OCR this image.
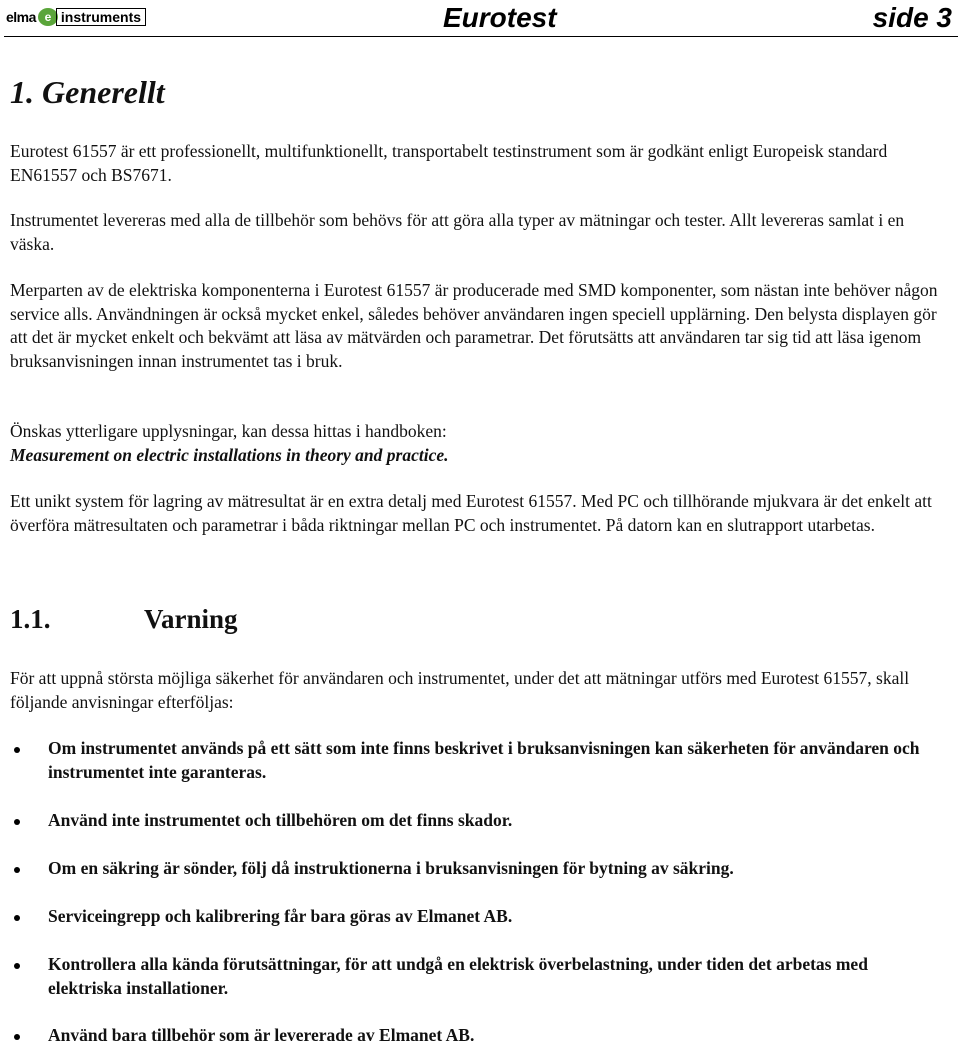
elma e instruments	Eurotest	side 3
1. Generellt

Eurotest 61557 är ett professionellt, multifunktionellt, transportabelt testinstrument som är godkänt enligt Europeisk standard EN61557 och BS7671.

Instrumentet levereras med alla de tillbehör som behövs för att göra alla typer av mätningar och tester. Allt levereras samlat i en väska.

Merparten av de elektriska komponenterna i Eurotest 61557 är producerade med SMD komponenter, som nästan inte behöver någon service alls. Användningen är också mycket enkel, således behöver användaren ingen speciell upplärning. Den belysta displayen gör att det är mycket enkelt och bekvämt att läsa av mätvärden och parametrar. Det förutsätts att användaren tar sig tid att läsa igenom bruksanvisningen innan instrumentet tas i bruk.

Önskas ytterligare upplysningar, kan dessa hittas i handboken:
Measurement on electric installations in theory and practice.

Ett unikt system för lagring av mätresultat är en extra detalj med Eurotest 61557. Med PC och tillhörande mjukvara är det enkelt att överföra mätresultaten och parametrar i båda riktningar mellan PC och instrumentet. På datorn kan en slutrapport utarbetas.

1.1.	Varning

För att uppnå största möjliga säkerhet för användaren och instrumentet, under det att mätningar utförs med Eurotest 61557, skall följande anvisningar efterföljas:

Om instrumentet används på ett sätt som inte finns beskrivet i bruksanvisningen kan säkerheten för användaren och instrumentet inte garanteras.
Använd inte instrumentet och tillbehören om det finns skador.
Om en säkring är sönder, följ då instruktionerna i bruksanvisningen för bytning av säkring.
Serviceingrepp och kalibrering får bara göras av Elmanet AB.
Kontrollera alla kända förutsättningar, för att undgå en elektrisk överbelastning, under tiden det arbetas med elektriska installationer.
Använd bara tillbehör som är levererade av Elmanet AB.
